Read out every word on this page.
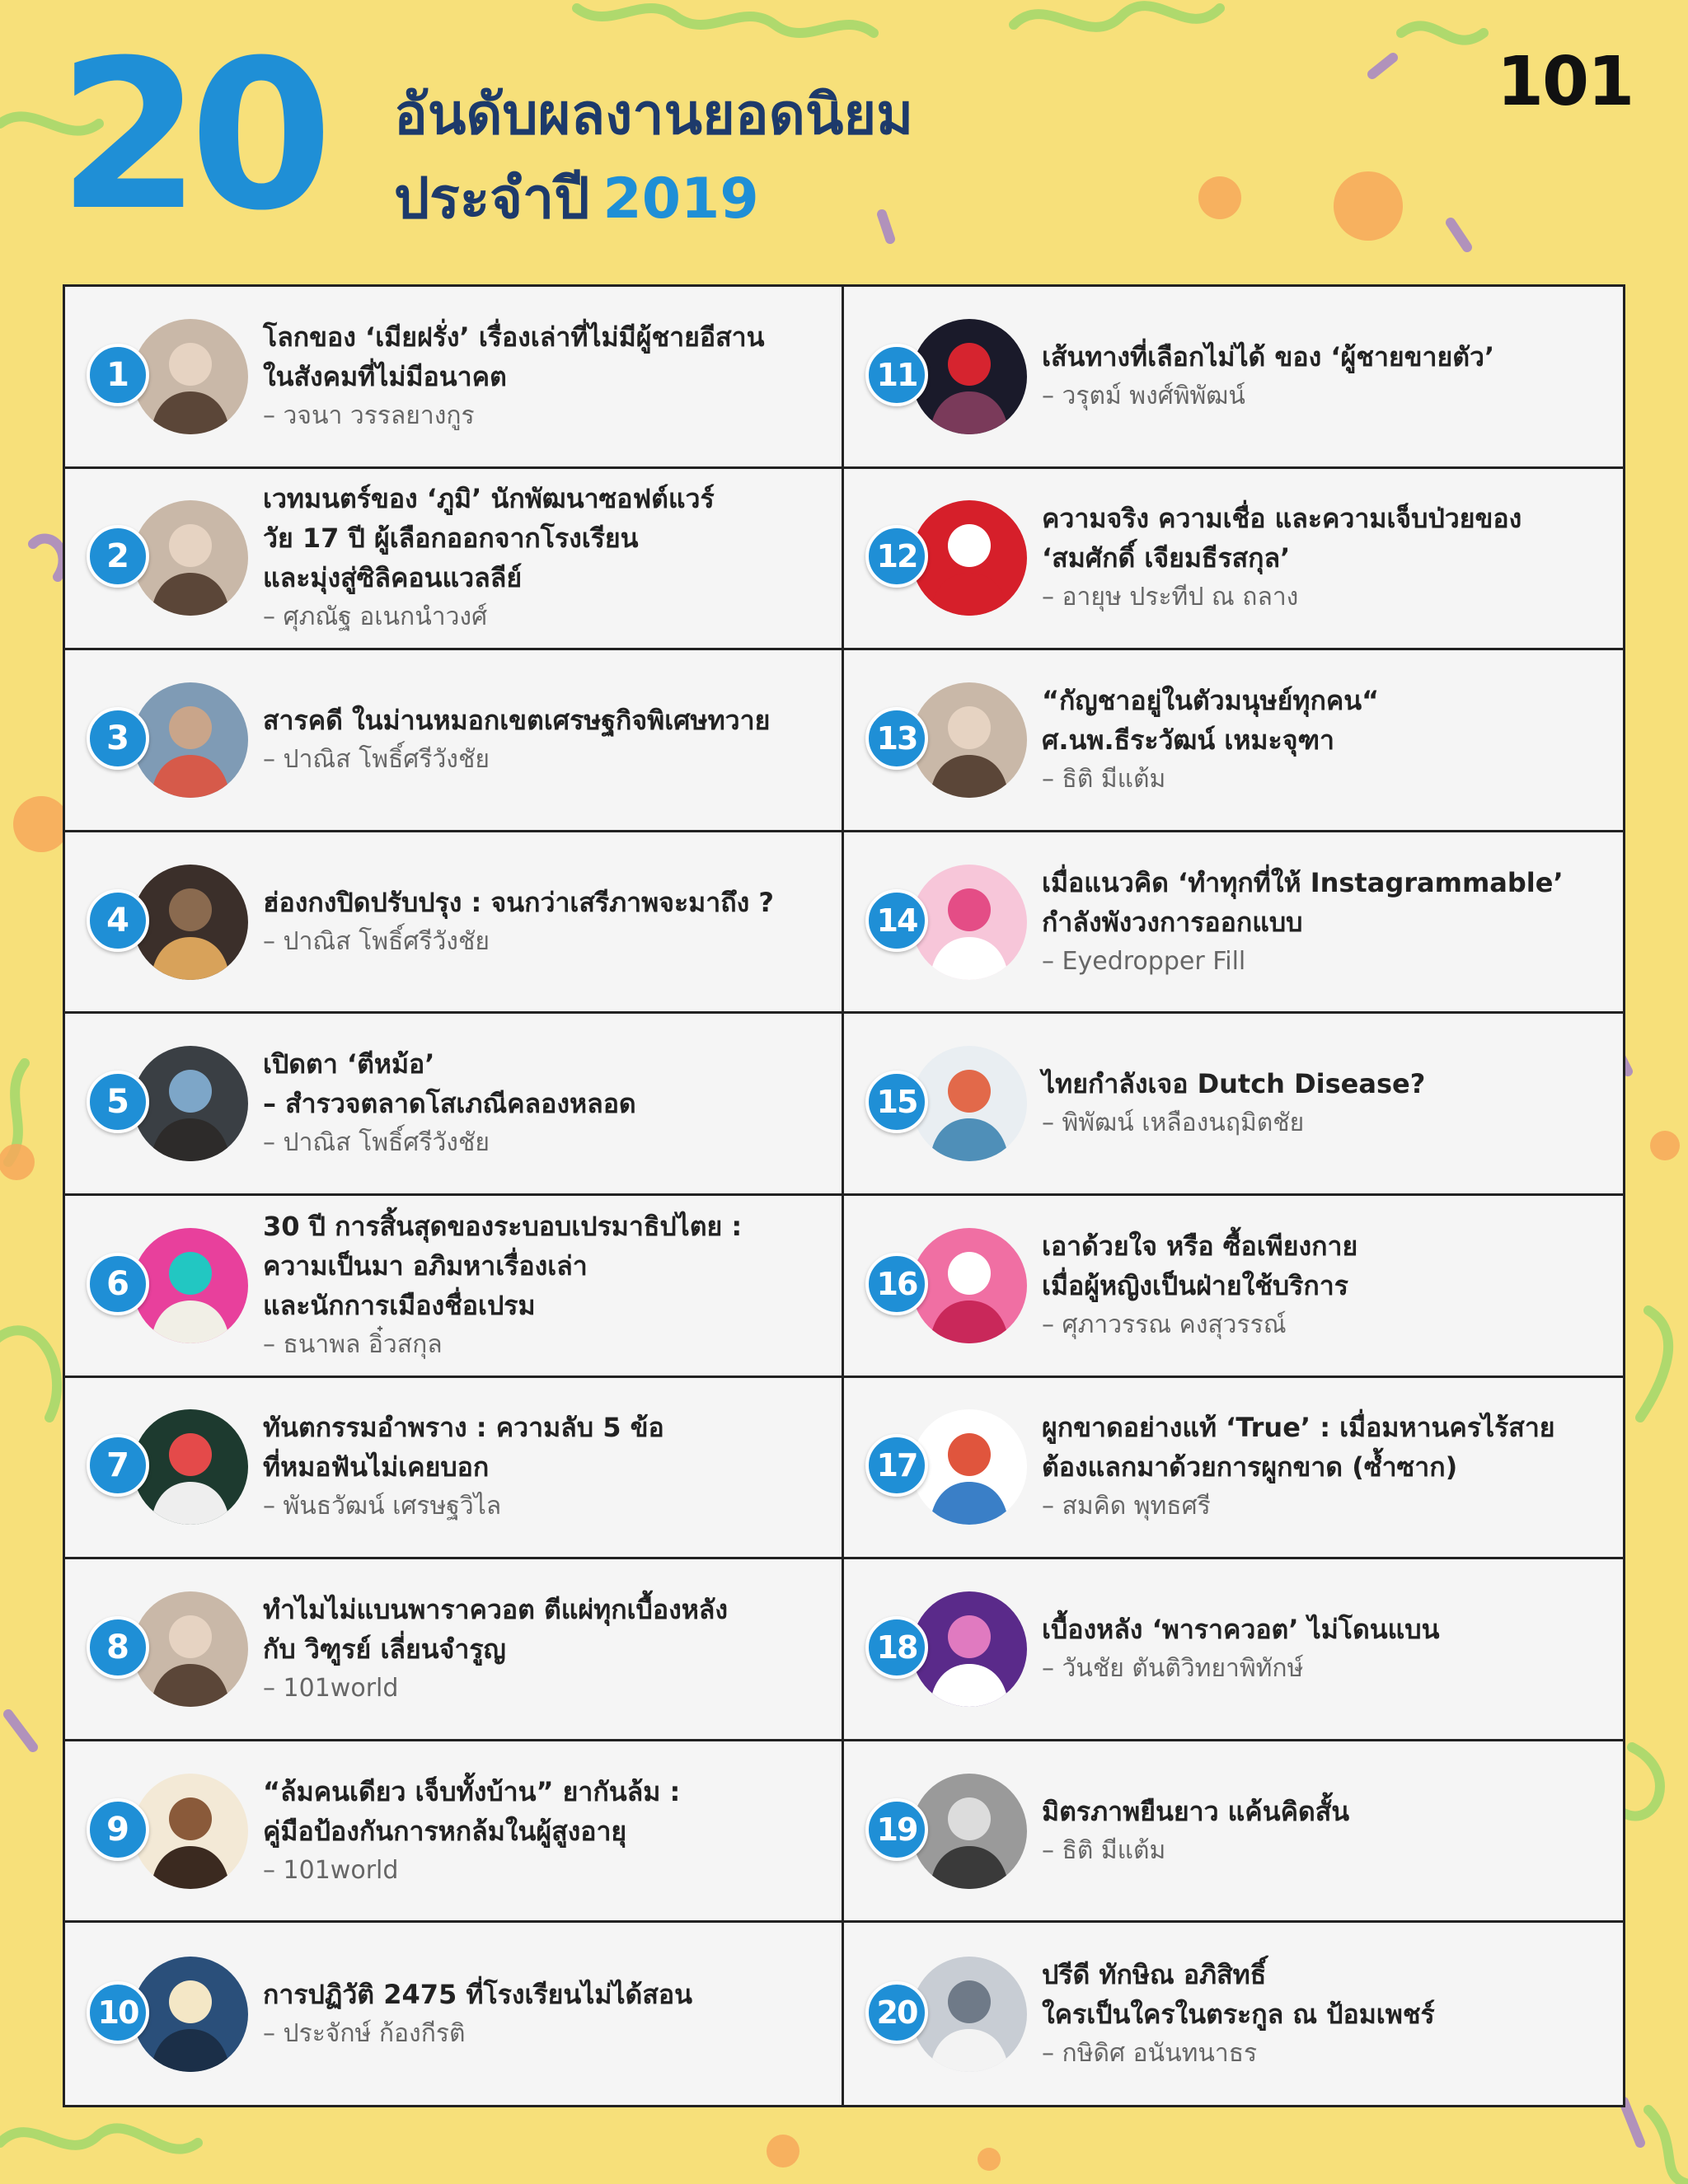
20 อันดับผลงานยอดนิยม
ประจำปี 2019
101
1
โลกของ ‘เมียฝรั่ง’ เรื่องเล่าที่ไม่มีผู้ชายอีสาน
ในสังคมที่ไม่มีอนาคต
– วจนา วรรลยางกูร
2
เวทมนตร์ของ ‘ภูมิ’ นักพัฒนาซอฟต์แวร์
วัย 17 ปี ผู้เลือกออกจากโรงเรียน
และมุ่งสู่ซิลิคอนแวลลีย์
– ศุภณัฐ อเนกนำวงศ์
3	สารคดี ในม่านหมอกเขตเศรษฐกิจพิเศษทวาย
– ปาณิส โพธิ์ศรีวังชัย
4	ฮ่องกงปิดปรับปรุง : จนกว่าเสรีภาพจะมาถึง ?
– ปาณิส โพธิ์ศรีวังชัย
5
เปิดตา ‘ตีหม้อ’
– สำรวจตลาดโสเภณีคลองหลอด
– ปาณิส โพธิ์ศรีวังชัย
6
30 ปี การสิ้นสุดของระบอบเปรมาธิปไตย :
ความเป็นมา อภิมหาเรื่องเล่า
และนักการเมืองชื่อเปรม
– ธนาพล อิ๋วสกุล
7
ทันตกรรมอำพราง : ความลับ 5 ข้อ
ที่หมอฟันไม่เคยบอก
– พันธวัฒน์ เศรษฐวิไล
8
ทำไมไม่แบนพาราควอต ตีแผ่ทุกเบื้องหลัง
กับ วิฑูรย์ เลี่ยนจำรูญ
– 101world
9
“ล้มคนเดียว เจ็บทั้งบ้าน” ยากันล้ม :
คู่มือป้องกันการหกล้มในผู้สูงอายุ
– 101world
10	การปฏิวัติ 2475 ที่โรงเรียนไม่ได้สอน
– ประจักษ์ ก้องกีรติ
11	เส้นทางที่เลือกไม่ได้ ของ ‘ผู้ชายขายตัว’
– วรุตม์ พงศ์พิพัฒน์
12
ความจริง ความเชื่อ และความเจ็บป่วยของ
‘สมศักดิ์ เจียมธีรสกุล’
– อายุษ ประทีป ณ ถลาง
13
“กัญชาอยู่ในตัวมนุษย์ทุกคน“
ศ.นพ.ธีระวัฒน์ เหมะจุฑา
– ธิติ มีแต้ม
14
เมื่อแนวคิด ‘ทำทุกที่ให้ Instagrammable’
กำลังพังวงการออกแบบ
– Eyedropper Fill
15	ไทยกำลังเจอ Dutch Disease?
– พิพัฒน์ เหลืองนฤมิตชัย
16
เอาด้วยใจ หรือ ซื้อเพียงกาย
เมื่อผู้หญิงเป็นฝ่ายใช้บริการ
– ศุภาวรรณ คงสุวรรณ์
17
ผูกขาดอย่างแท้ ‘True’ : เมื่อมหานครไร้สาย
ต้องแลกมาด้วยการผูกขาด (ซ้ำซาก)
– สมคิด พุทธศรี
18	เบื้องหลัง ‘พาราควอต’ ไม่โดนแบน
– วันชัย ตันติวิทยาพิทักษ์
19	มิตรภาพยืนยาว แค้นคิดสั้น
– ธิติ มีแต้ม
20
ปรีดี ทักษิณ อภิสิทธิ์
ใครเป็นใครในตระกูล ณ ป้อมเพชร์
– กษิดิศ อนันทนาธร
